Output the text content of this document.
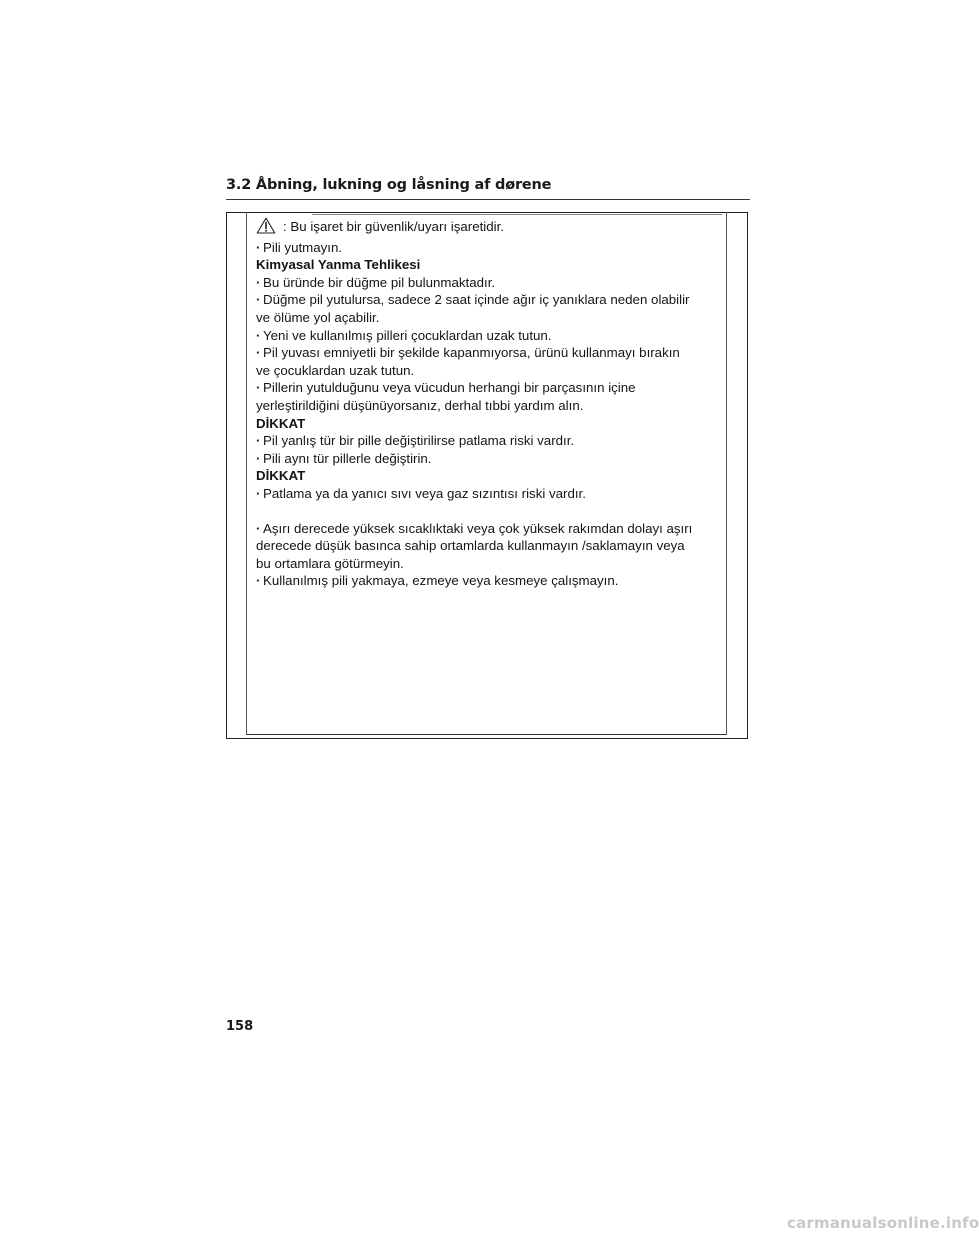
3.2 Åbning, lukning og låsning af dørene
: Bu işaret bir güvenlik/uyarı işaretidir.
· Pili yutmayın.
Kimyasal Yanma Tehlikesi
· Bu üründe bir düğme pil bulunmaktadır.
· Düğme pil yutulursa, sadece 2 saat içinde ağır iç yanıklara neden olabilir
ve ölüme yol açabilir.
· Yeni ve kullanılmış pilleri çocuklardan uzak tutun.
· Pil yuvası emniyetli bir şekilde kapanmıyorsa, ürünü kullanmayı bırakın
ve çocuklardan uzak tutun.
· Pillerin yutulduğunu veya vücudun herhangi bir parçasının içine
yerleştirildiğini düşünüyorsanız, derhal tıbbi yardım alın.
DİKKAT
· Pil yanlış tür bir pille değiştirilirse patlama riski vardır.
· Pili aynı tür pillerle değiştirin.
DİKKAT
· Patlama ya da yanıcı sıvı veya gaz sızıntısı riski vardır.
· Aşırı derecede yüksek sıcaklıktaki veya çok yüksek rakımdan dolayı aşırı
derecede düşük basınca sahip ortamlarda kullanmayın /saklamayın veya
bu ortamlara götürmeyin.
· Kullanılmış pili yakmaya, ezmeye veya kesmeye çalışmayın.
158
carmanualsonline.info
